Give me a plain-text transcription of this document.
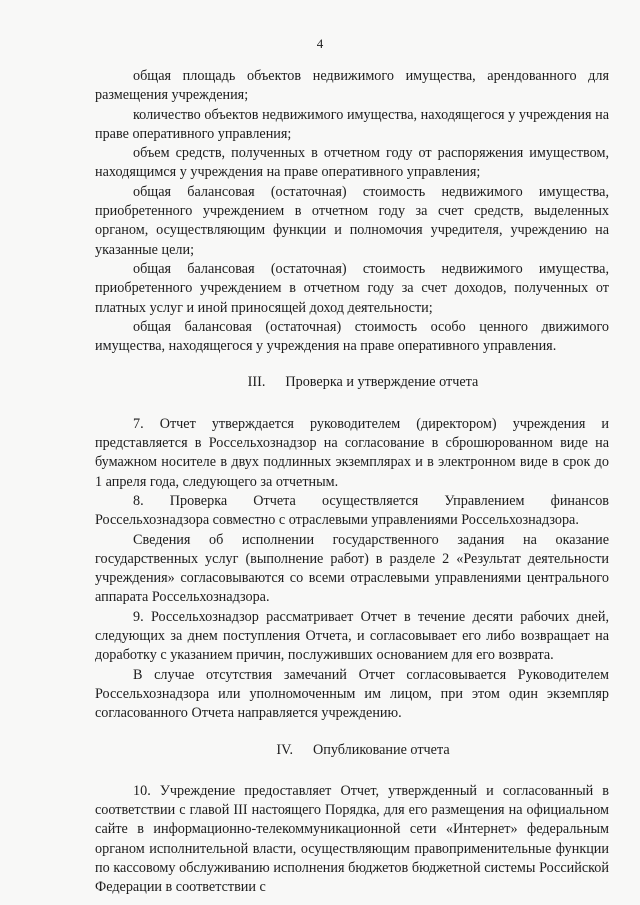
4

общая площадь объектов недвижимого имущества, арендованного для размещения учреждения;

количество объектов недвижимого имущества, находящегося у учреждения на праве оперативного управления;

объем средств, полученных в отчетном году от распоряжения имуществом, находящимся у учреждения на праве оперативного управления;

общая балансовая (остаточная) стоимость недвижимого имущества, приобретенного учреждением в отчетном году за счет средств, выделенных органом, осуществляющим функции и полномочия учредителя, учреждению на указанные цели;

общая балансовая (остаточная) стоимость недвижимого имущества, приобретенного учреждением в отчетном году за счет доходов, полученных от платных услуг и иной приносящей доход деятельности;

общая балансовая (остаточная) стоимость особо ценного движимого имущества, находящегося у учреждения на праве оперативного управления.

III. Проверка и утверждение отчета

7. Отчет утверждается руководителем (директором) учреждения и представляется в Россельхознадзор на согласование в сброшюрованном виде на бумажном носителе в двух подлинных экземплярах и в электронном виде в срок до 1 апреля года, следующего за отчетным.

8. Проверка Отчета осуществляется Управлением финансов Россельхознадзора совместно с отраслевыми управлениями Россельхознадзора.

Сведения об исполнении государственного задания на оказание государственных услуг (выполнение работ) в разделе 2 «Результат деятельности учреждения» согласовываются со всеми отраслевыми управлениями центрального аппарата Россельхознадзора.

9. Россельхознадзор рассматривает Отчет в течение десяти рабочих дней, следующих за днем поступления Отчета, и согласовывает его либо возвращает на доработку с указанием причин, послуживших основанием для его возврата.

В случае отсутствия замечаний Отчет согласовывается Руководителем Россельхознадзора или уполномоченным им лицом, при этом один экземпляр согласованного Отчета направляется учреждению.

IV. Опубликование отчета

10. Учреждение предоставляет Отчет, утвержденный и согласованный в соответствии с главой III настоящего Порядка, для его размещения на официальном сайте в информационно-телекоммуникационной сети «Интернет» федеральным органом исполнительной власти, осуществляющим правоприменительные функции по кассовому обслуживанию исполнения бюджетов бюджетной системы Российской Федерации в соответствии с
